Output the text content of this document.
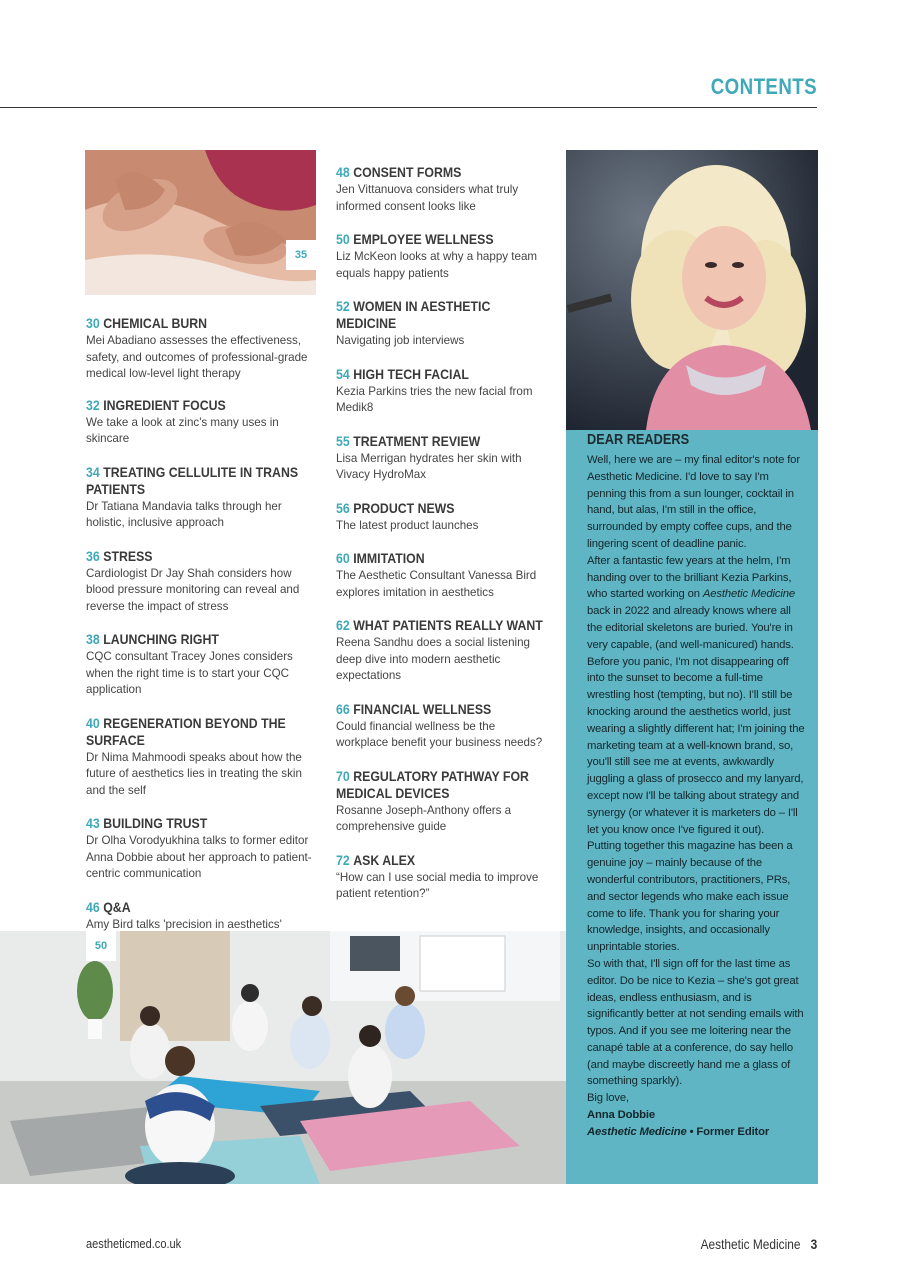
CONTENTS
35
30 CHEMICAL BURN
Mei Abadiano assesses the effectiveness, safety, and outcomes of professional-grade medical low-level light therapy
32 INGREDIENT FOCUS
We take a look at zinc's many uses in skincare
34 TREATING CELLULITE IN TRANS PATIENTS
Dr Tatiana Mandavia talks through her holistic, inclusive approach
36 STRESS
Cardiologist Dr Jay Shah considers how blood pressure monitoring can reveal and reverse the impact of stress
38 LAUNCHING RIGHT
CQC consultant Tracey Jones considers when the right time is to start your CQC application
40 REGENERATION BEYOND THE SURFACE
Dr Nima Mahmoodi speaks about how the future of aesthetics lies in treating the skin and the self
43 BUILDING TRUST
Dr Olha Vorodyukhina talks to former editor Anna Dobbie about her approach to patient-centric communication
46 Q&A
Amy Bird talks 'precision in aesthetics'
48 CONSENT FORMS
Jen Vittanuova considers what truly informed consent looks like
50 EMPLOYEE WELLNESS
Liz McKeon looks at why a happy team equals happy patients
52 WOMEN IN AESTHETIC MEDICINE
Navigating job interviews
54 HIGH TECH FACIAL
Kezia Parkins tries the new facial from Medik8
55 TREATMENT REVIEW
Lisa Merrigan hydrates her skin with Vivacy HydroMax
56 PRODUCT NEWS
The latest product launches
60 IMMITATION
The Aesthetic Consultant Vanessa Bird explores imitation in aesthetics
62 WHAT PATIENTS REALLY WANT
Reena Sandhu does a social listening deep dive into modern aesthetic expectations
66 FINANCIAL WELLNESS
Could financial wellness be the workplace benefit your business needs?
70 REGULATORY PATHWAY FOR MEDICAL DEVICES
Rosanne Joseph-Anthony offers a comprehensive guide
72 ASK ALEX
“How can I use social media to improve patient retention?”
50
DEAR READERS

Well, here we are – my final editor's note for Aesthetic Medicine. I'd love to say I'm penning this from a sun lounger, cocktail in hand, but alas, I'm still in the office, surrounded by empty coffee cups, and the lingering scent of deadline panic.

After a fantastic few years at the helm, I'm handing over to the brilliant Kezia Parkins, who started working on Aesthetic Medicine back in 2022 and already knows where all the editorial skeletons are buried. You're in very capable, (and well-manicured) hands.

Before you panic, I'm not disappearing off into the sunset to become a full-time wrestling host (tempting, but no). I'll still be knocking around the aesthetics world, just wearing a slightly different hat; I'm joining the marketing team at a well-known brand, so, you'll still see me at events, awkwardly juggling a glass of prosecco and my lanyard, except now I'll be talking about strategy and synergy (or whatever it is marketers do – I'll let you know once I've figured it out).

Putting together this magazine has been a genuine joy – mainly because of the wonderful contributors, practitioners, PRs, and sector legends who make each issue come to life. Thank you for sharing your knowledge, insights, and occasionally unprintable stories.

So with that, I'll sign off for the last time as editor. Do be nice to Kezia – she's got great ideas, endless enthusiasm, and is significantly better at not sending emails with typos. And if you see me loitering near the canapé table at a conference, do say hello (and maybe discreetly hand me a glass of something sparkly).

Big love,

Anna Dobbie

Aesthetic Medicine • Former Editor

aestheticmed.co.uk	Aesthetic Medicine 3
